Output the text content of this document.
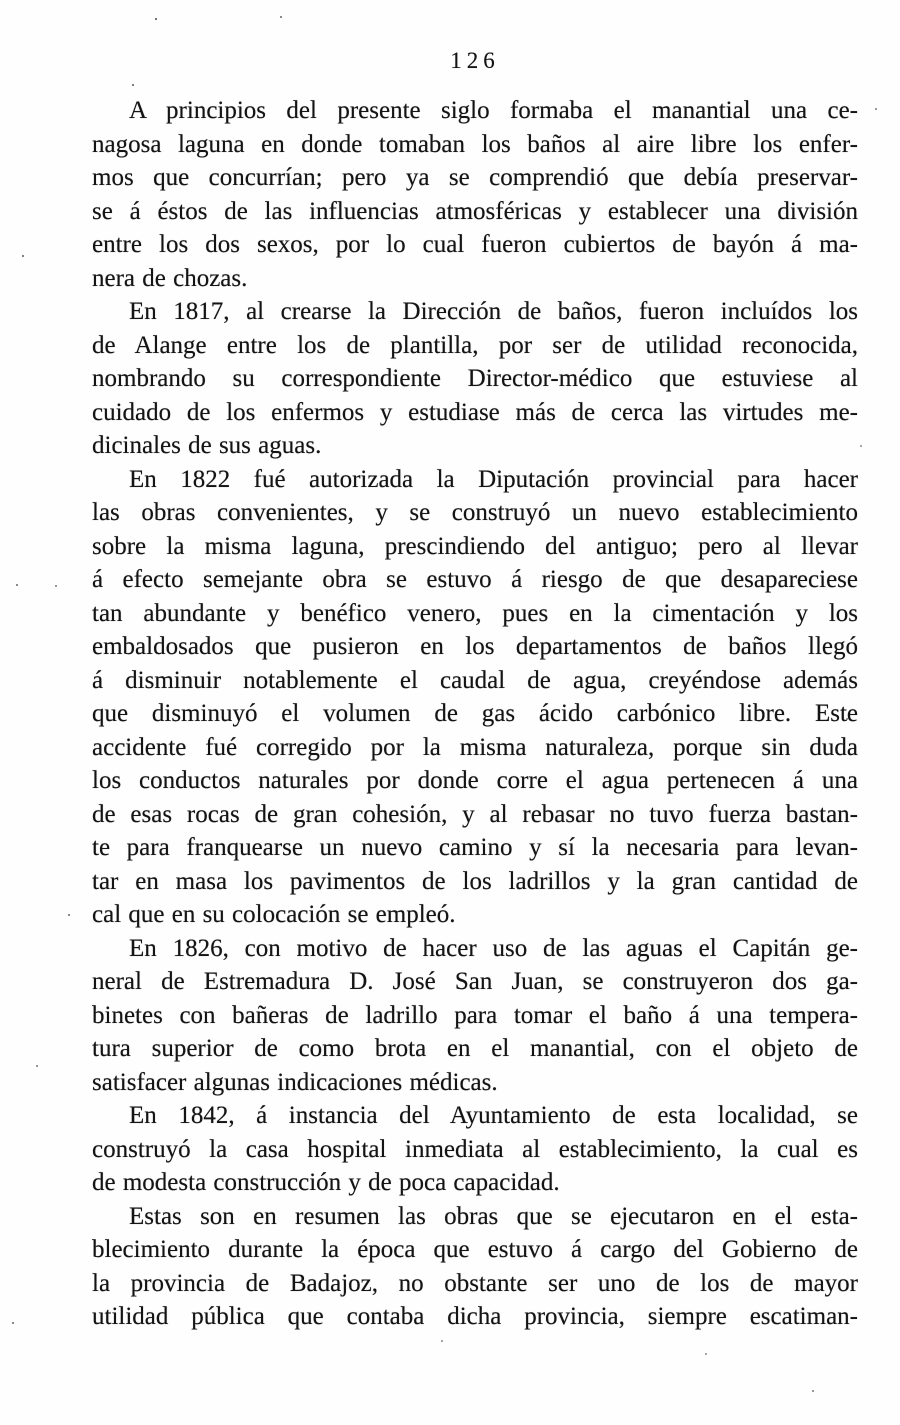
126
A principios del presente siglo formaba el manantial una ce-
nagosa laguna en donde tomaban los baños al aire libre los enfer-
mos que concurrían; pero ya se comprendió que debía preservar-
se á éstos de las influencias atmosféricas y establecer una división
entre los dos sexos, por lo cual fueron cubiertos de bayón á ma-
nera de chozas.
En 1817, al crearse la Dirección de baños, fueron incluídos los
de Alange entre los de plantilla, por ser de utilidad reconocida,
nombrando su correspondiente Director-médico que estuviese al
cuidado de los enfermos y estudiase más de cerca las virtudes me-
dicinales de sus aguas.
En 1822 fué autorizada la Diputación provincial para hacer
las obras convenientes, y se construyó un nuevo establecimiento
sobre la misma laguna, prescindiendo del antiguo; pero al llevar
á efecto semejante obra se estuvo á riesgo de que desapareciese
tan abundante y benéfico venero, pues en la cimentación y los
embaldosados que pusieron en los departamentos de baños llegó
á disminuir notablemente el caudal de agua, creyéndose además
que disminuyó el volumen de gas ácido carbónico libre. Este
accidente fué corregido por la misma naturaleza, porque sin duda
los conductos naturales por donde corre el agua pertenecen á una
de esas rocas de gran cohesión, y al rebasar no tuvo fuerza bastan-
te para franquearse un nuevo camino y sí la necesaria para levan-
tar en masa los pavimentos de los ladrillos y la gran cantidad de
cal que en su colocación se empleó.
En 1826, con motivo de hacer uso de las aguas el Capitán ge-
neral de Estremadura D. José San Juan, se construyeron dos ga-
binetes con bañeras de ladrillo para tomar el baño á una tempera-
tura superior de como brota en el manantial, con el objeto de
satisfacer algunas indicaciones médicas.
En 1842, á instancia del Ayuntamiento de esta localidad, se
construyó la casa hospital inmediata al establecimiento, la cual es
de modesta construcción y de poca capacidad.
Estas son en resumen las obras que se ejecutaron en el esta-
blecimiento durante la época que estuvo á cargo del Gobierno de
la provincia de Badajoz, no obstante ser uno de los de mayor
utilidad pública que contaba dicha provincia, siempre escatiman-
